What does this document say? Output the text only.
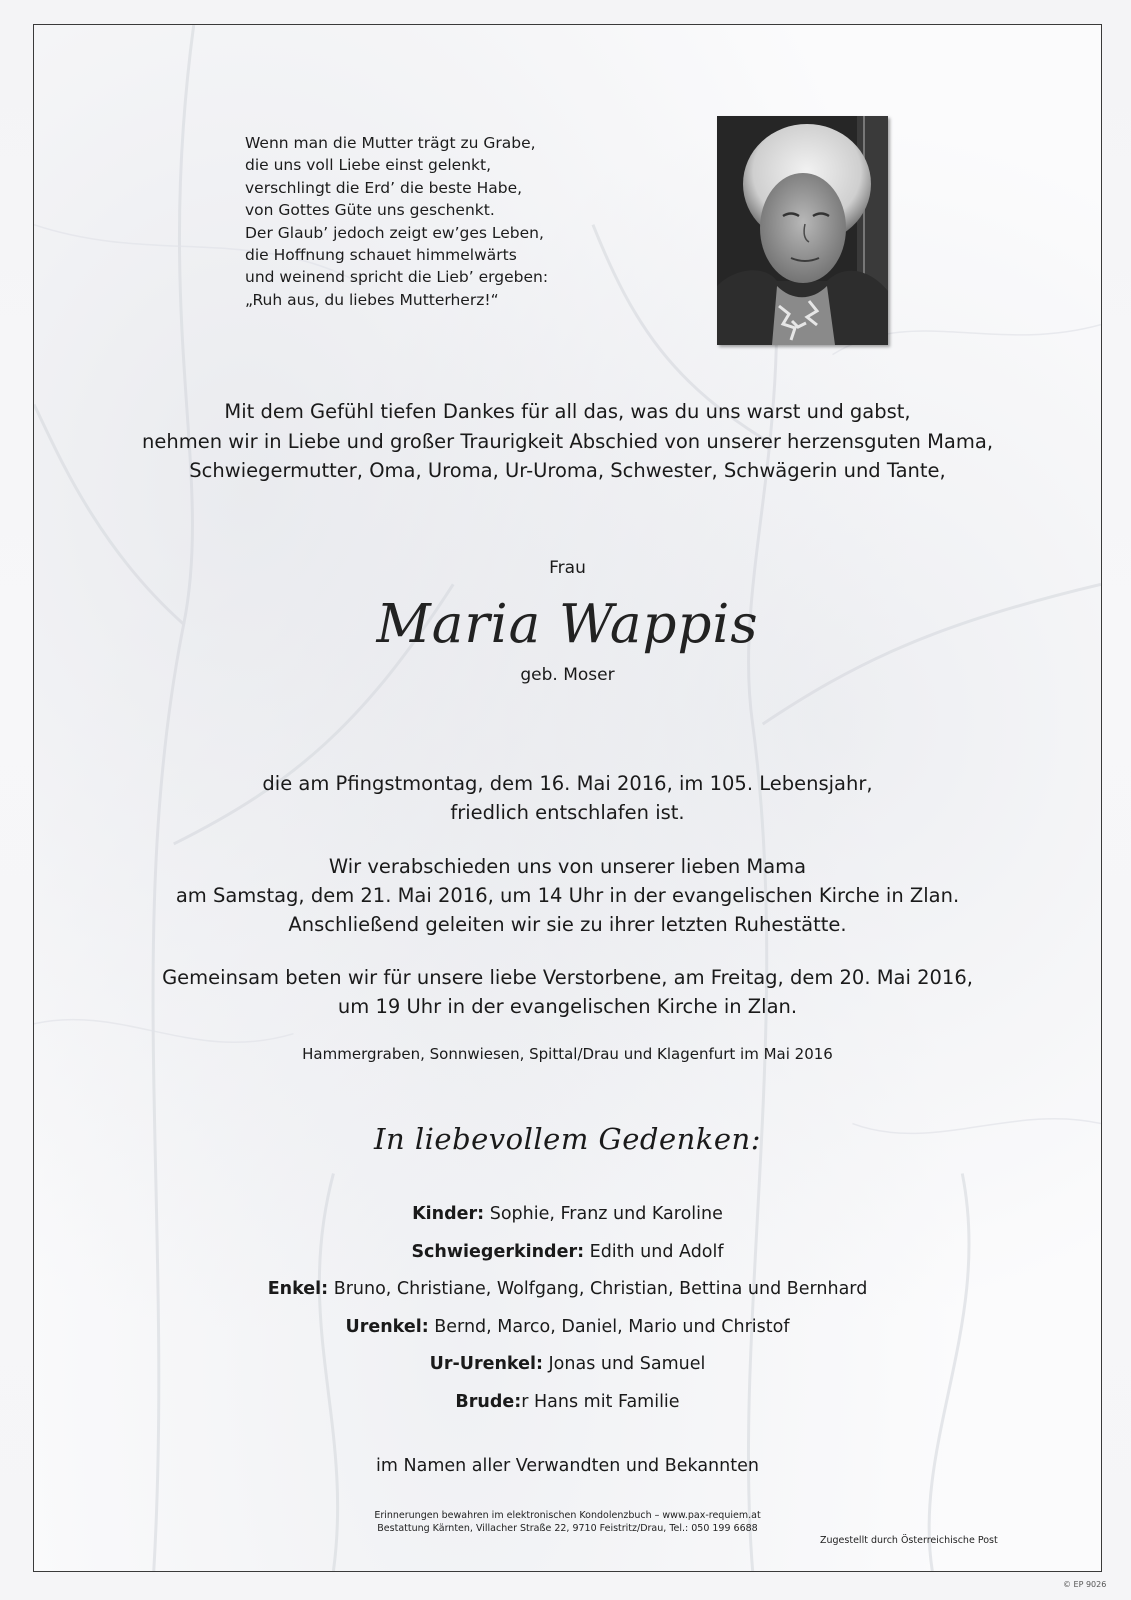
Wenn man die Mutter trägt zu Grabe,
die uns voll Liebe einst gelenkt,
verschlingt die Erd’ die beste Habe,
von Gottes Güte uns geschenkt.
Der Glaub’ jedoch zeigt ew’ges Leben,
die Hoffnung schauet himmelwärts
und weinend spricht die Lieb’ ergeben:
„Ruh aus, du liebes Mutterherz!“
Mit dem Gefühl tiefen Dankes für all das, was du uns warst und gabst,
nehmen wir in Liebe und großer Traurigkeit Abschied von unserer herzensguten Mama,
Schwiegermutter, Oma, Uroma, Ur-Uroma, Schwester, Schwägerin und Tante,
Frau
Maria Wappis
geb. Moser
die am Pfingstmontag, dem 16. Mai 2016, im 105. Lebensjahr,
friedlich entschlafen ist.
Wir verabschieden uns von unserer lieben Mama
am Samstag, dem 21. Mai 2016, um 14 Uhr in der evangelischen Kirche in Zlan.
Anschließend geleiten wir sie zu ihrer letzten Ruhestätte.
Gemeinsam beten wir für unsere liebe Verstorbene, am Freitag, dem 20. Mai 2016,
um 19 Uhr in der evangelischen Kirche in Zlan.
Hammergraben, Sonnwiesen, Spittal/Drau und Klagenfurt im Mai 2016
In liebevollem Gedenken:
Kinder: Sophie, Franz und Karoline
Schwiegerkinder: Edith und Adolf
Enkel: Bruno, Christiane, Wolfgang, Christian, Bettina und Bernhard
Urenkel: Bernd, Marco, Daniel, Mario und Christof
Ur-Urenkel: Jonas und Samuel
Brude:r Hans mit Familie
im Namen aller Verwandten und Bekannten
Erinnerungen bewahren im elektronischen Kondolenzbuch – www.pax-requiem.at
Bestattung Kärnten, Villacher Straße 22, 9710 Feistritz/Drau, Tel.: 050 199 6688
Zugestellt durch Österreichische Post
© EP 9026
